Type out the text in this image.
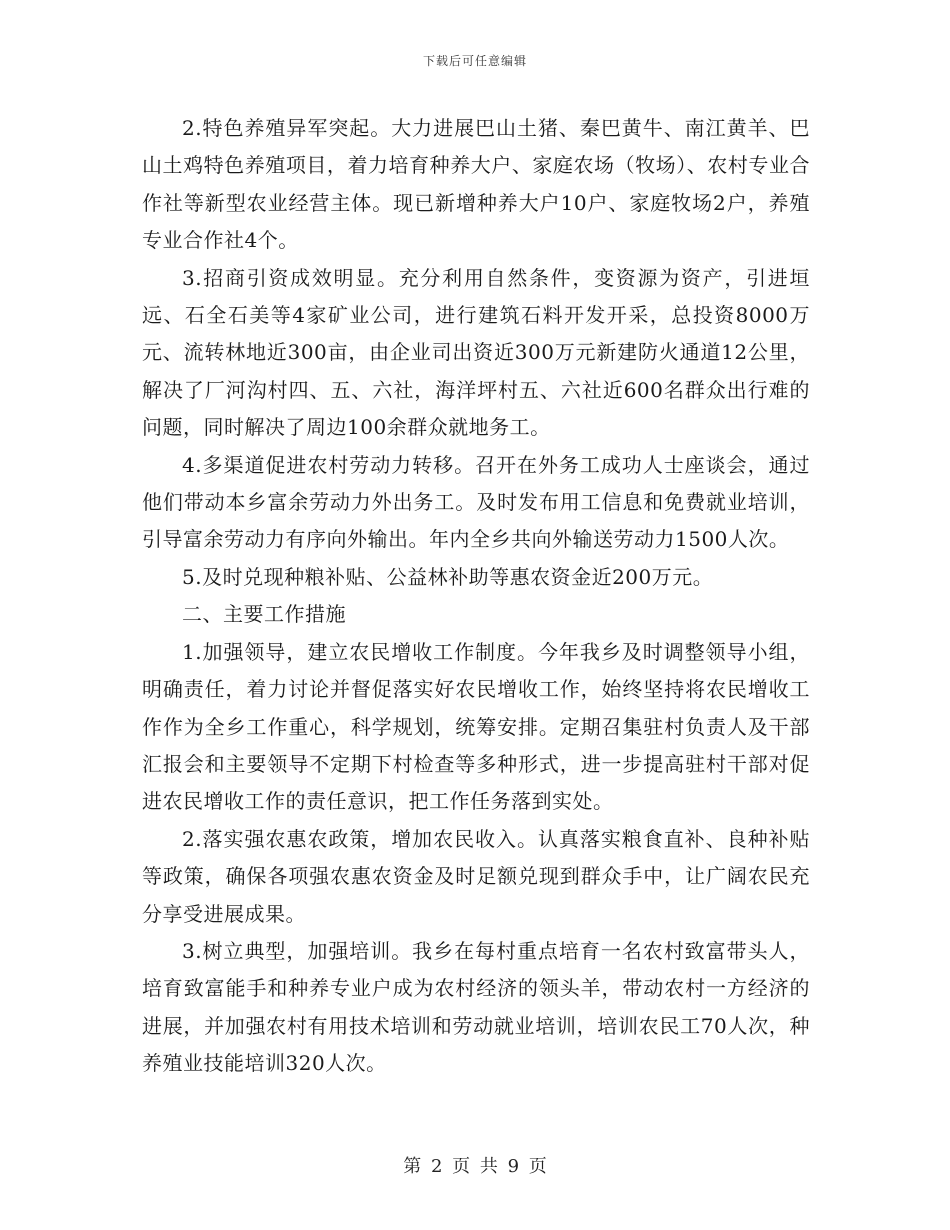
下载后可任意编辑

2.特色养殖异军突起。大力进展巴山土猪、秦巴黄牛、南江黄羊、巴山土鸡特色养殖项目，着力培育种养大户、家庭农场（牧场）、农村专业合作社等新型农业经营主体。现已新增种养大户10户、家庭牧场2户，养殖专业合作社4个。

3.招商引资成效明显。充分利用自然条件，变资源为资产，引进垣远、石全石美等4家矿业公司，进行建筑石料开发开采，总投资8000万元、流转林地近300亩，由企业司出资近300万元新建防火通道12公里，解决了厂河沟村四、五、六社，海洋坪村五、六社近600名群众出行难的问题，同时解决了周边100余群众就地务工。

4.多渠道促进农村劳动力转移。召开在外务工成功人士座谈会，通过他们带动本乡富余劳动力外出务工。及时发布用工信息和免费就业培训，引导富余劳动力有序向外输出。年内全乡共向外输送劳动力1500人次。

5.及时兑现种粮补贴、公益林补助等惠农资金近200万元。

二、主要工作措施

1.加强领导，建立农民增收工作制度。今年我乡及时调整领导小组，明确责任，着力讨论并督促落实好农民增收工作，始终坚持将农民增收工作作为全乡工作重心，科学规划，统筹安排。定期召集驻村负责人及干部汇报会和主要领导不定期下村检查等多种形式，进一步提高驻村干部对促进农民增收工作的责任意识，把工作任务落到实处。

2.落实强农惠农政策，增加农民收入。认真落实粮食直补、良种补贴等政策，确保各项强农惠农资金及时足额兑现到群众手中，让广阔农民充分享受进展成果。

3.树立典型，加强培训。我乡在每村重点培育一名农村致富带头人，培育致富能手和种养专业户成为农村经济的领头羊，带动农村一方经济的进展，并加强农村有用技术培训和劳动就业培训，培训农民工70人次，种养殖业技能培训320人次。

第 2 页 共 9 页
